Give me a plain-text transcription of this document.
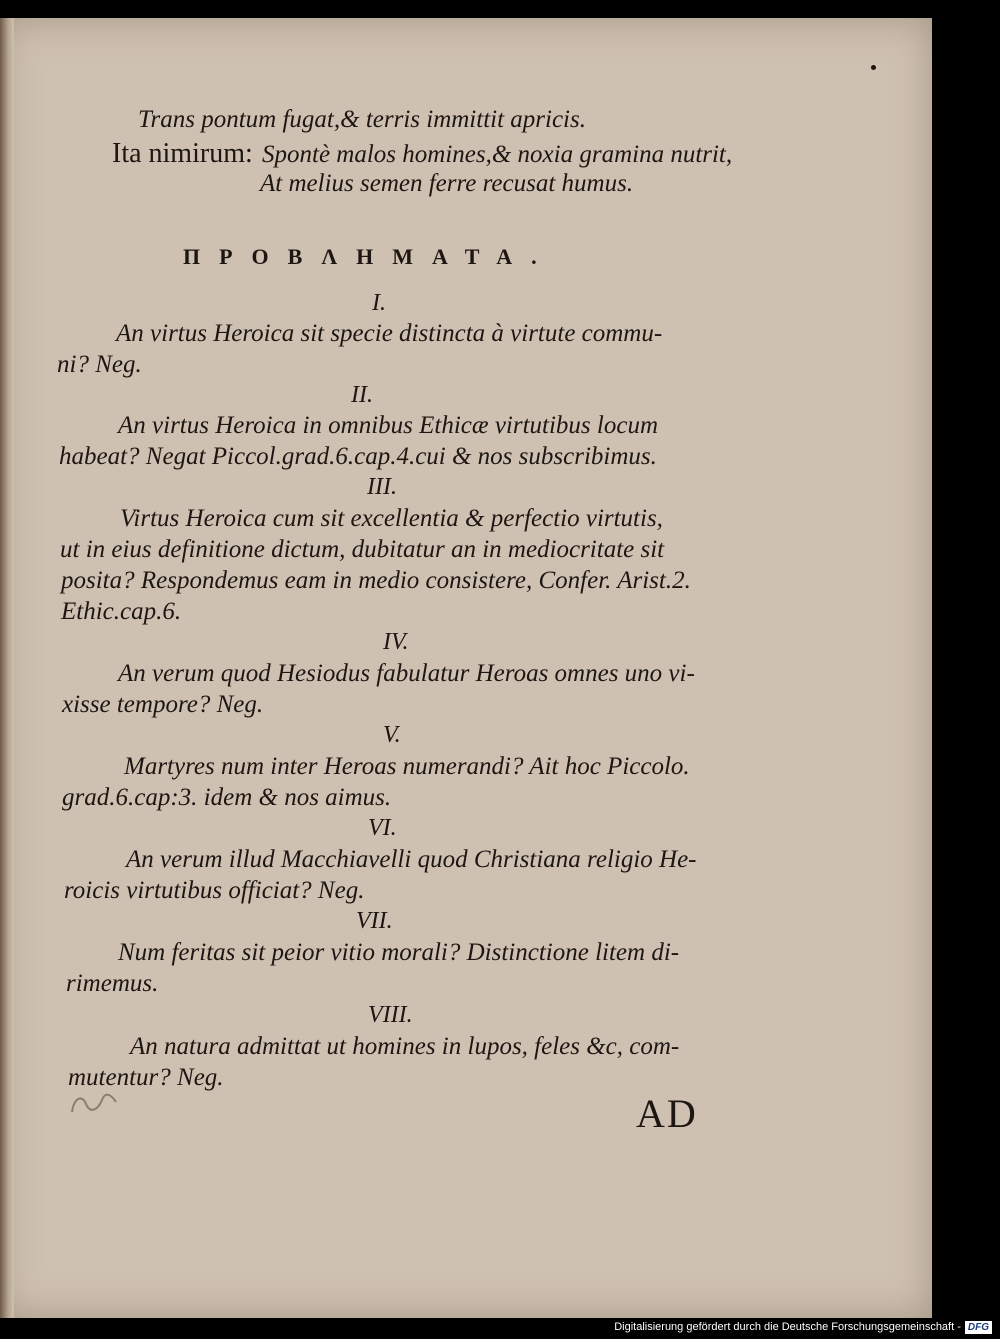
Trans pontum fugat,& terris immittit apricis.
Ita nimirum: Spontè malos homines,& noxia gramina nutrit,
At melius semen ferre recusat humus.
ΠΡΟΒΛΗΜΑΤΑ.
I.
An virtus Heroica sit specie distincta à virtute commu-
ni? Neg.
II.
An virtus Heroica in omnibus Ethicæ virtutibus locum
habeat? Negat Piccol.grad.6.cap.4.cui & nos subscribimus.
III.
Virtus Heroica cum sit excellentia & perfectio virtutis,
ut in eius definitione dictum, dubitatur an in mediocritate sit
posita? Respondemus eam in medio consistere, Confer. Arist.2.
Ethic.cap.6.
IV.
An verum quod Hesiodus fabulatur Heroas omnes uno vi-
xisse tempore? Neg.
V.
Martyres num inter Heroas numerandi? Ait hoc Piccolo.
grad.6.cap:3. idem & nos aimus.
VI.
An verum illud Macchiavelli quod Christiana religio He-
roicis virtutibus officiat? Neg.
VII.
Num feritas sit peior vitio morali? Distinctione litem di-
rimemus.
VIII.
An natura admittat ut homines in lupos, feles &c, com-
mutentur? Neg.
AD
Digitalisierung gefördert durch die Deutsche Forschungsgemeinschaft - DFG
